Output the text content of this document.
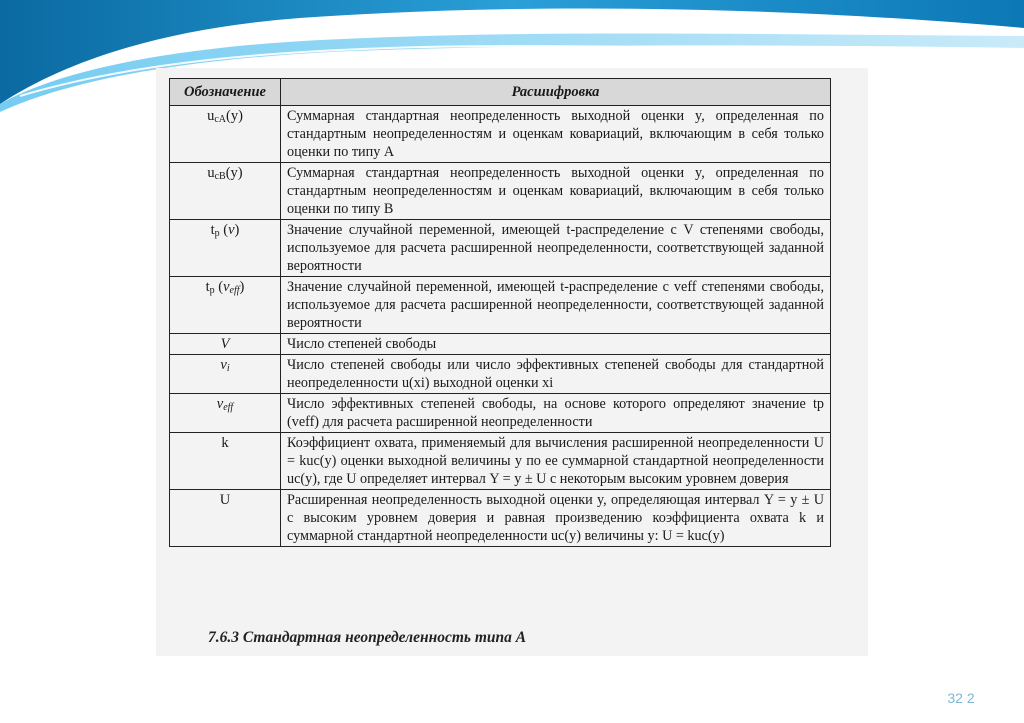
Обозначение	Расшифровка
$u_{cA}(y)$	Суммарная стандартная неопределенность выходной оценки y, определенная по стандартным неопределенностям и оценкам ковариаций, включающим в себя только оценки по типу А
$u_{cB}(y)$	Суммарная стандартная неопределенность выходной оценки y, определенная по стандартным неопределенностям и оценкам ковариаций, включающим в себя только оценки по типу В
$t_p$ (v)	Значение случайной переменной, имеющей t-распределение с V степенями свободы, используемое для расчета расширенной неопределенности, соответствующей заданной вероятности
$t_p$ $(v_{eff})$	Значение случайной переменной, имеющей t-распределение с veff степенями свободы, используемое для расчета расширенной неопределенности, соответствующей заданной вероятности
V	Число степеней свободы
$v_i$	Число степеней свободы или число эффективных степеней свободы для стандартной неопределенности u(xi) выходной оценки xi
$v_{eff}$	Число эффективных степеней свободы, на основе которого определяют значение tp (veff) для расчета расширенной неопределенности
k	Коэффициент охвата, применяемый для вычисления расширенной неопределенности U = kuc(y) оценки выходной величины y по ее суммарной стандартной неопределенности uc(y), где U определяет интервал Y = y ± U с некоторым высоким уровнем доверия
U	Расширенная неопределенность выходной оценки y, определяющая интервал Y = y ± U с высоким уровнем доверия и равная произведению коэффициента охвата k и суммарной стандартной неопределенности uc(y) величины y: U = kuc(y)
7.6.3 Стандартная неопределенность типа А
32 2
